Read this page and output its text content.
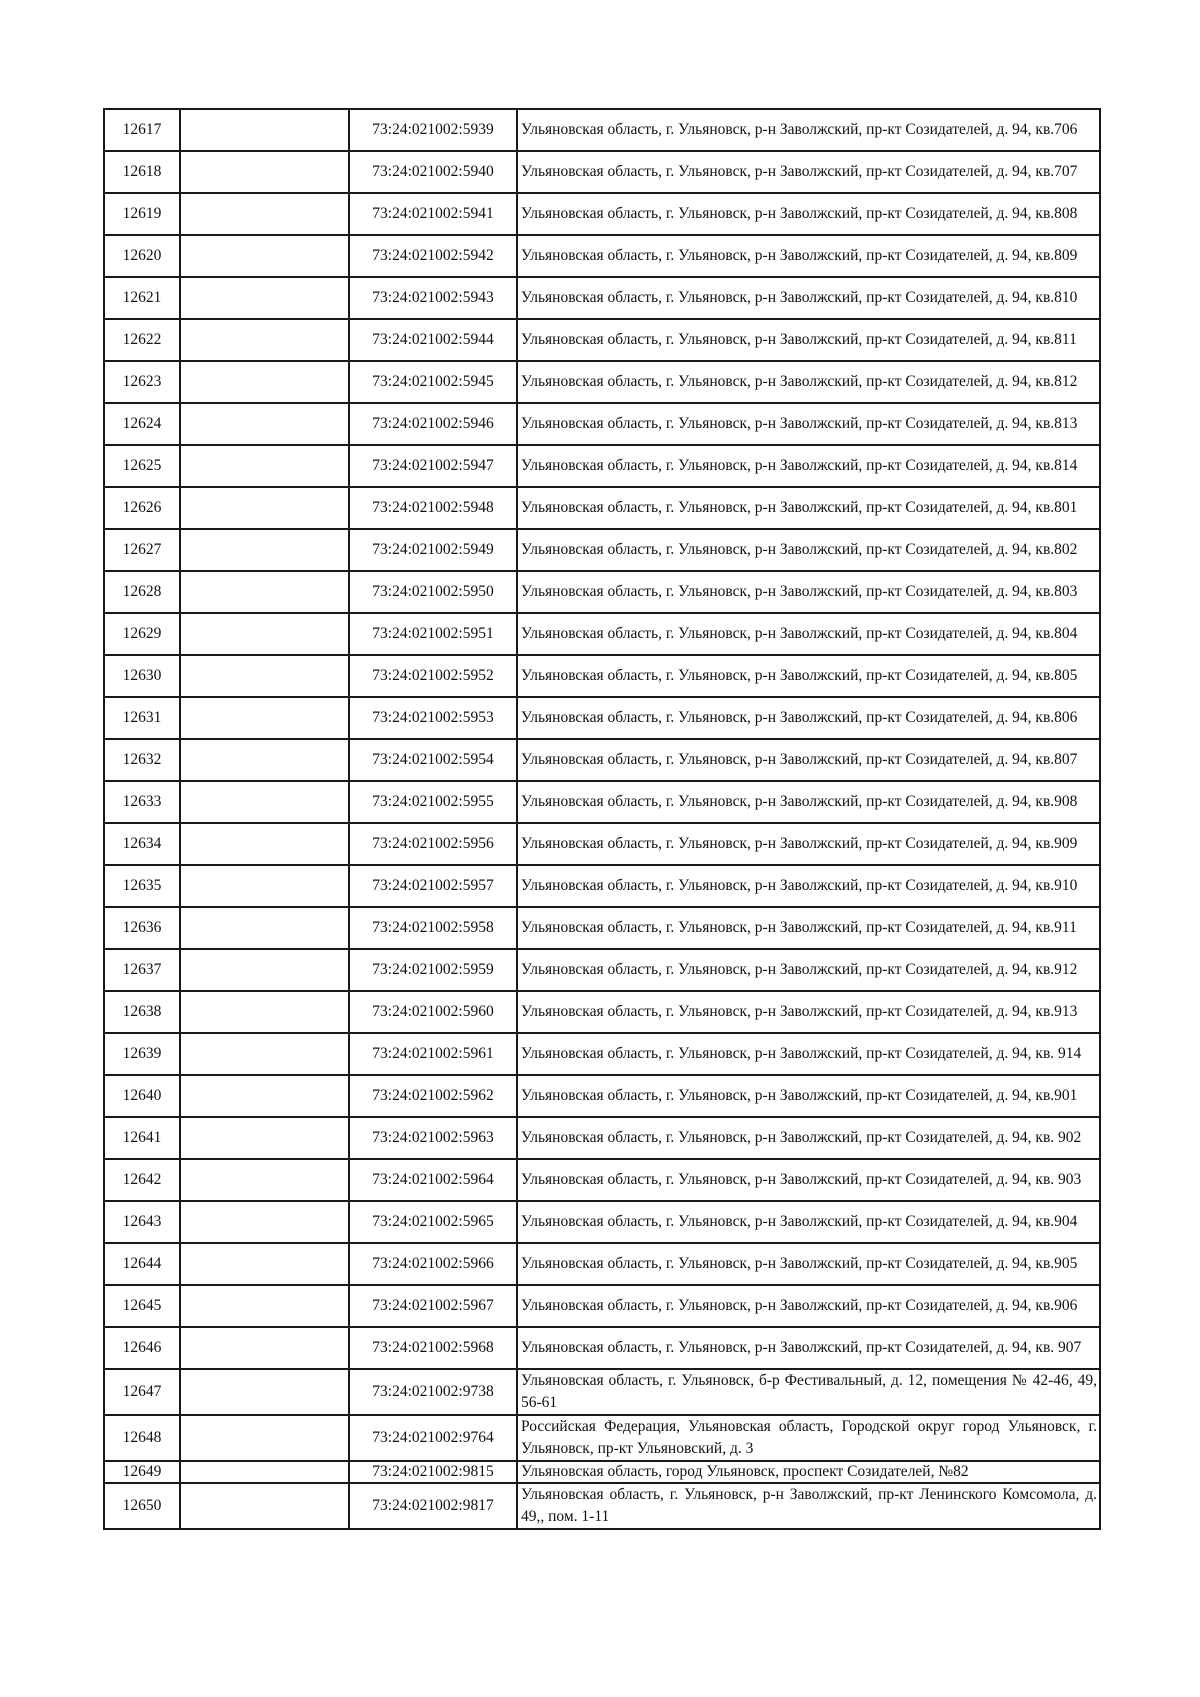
12617		73:24:021002:5939	Ульяновская область, г. Ульяновск, р-н Заволжский, пр-кт Созидателей, д. 94, кв.706
12618		73:24:021002:5940	Ульяновская область, г. Ульяновск, р-н Заволжский, пр-кт Созидателей, д. 94, кв.707
12619		73:24:021002:5941	Ульяновская область, г. Ульяновск, р-н Заволжский, пр-кт Созидателей, д. 94, кв.808
12620		73:24:021002:5942	Ульяновская область, г. Ульяновск, р-н Заволжский, пр-кт Созидателей, д. 94, кв.809
12621		73:24:021002:5943	Ульяновская область, г. Ульяновск, р-н Заволжский, пр-кт Созидателей, д. 94, кв.810
12622		73:24:021002:5944	Ульяновская область, г. Ульяновск, р-н Заволжский, пр-кт Созидателей, д. 94, кв.811
12623		73:24:021002:5945	Ульяновская область, г. Ульяновск, р-н Заволжский, пр-кт Созидателей, д. 94, кв.812
12624		73:24:021002:5946	Ульяновская область, г. Ульяновск, р-н Заволжский, пр-кт Созидателей, д. 94, кв.813
12625		73:24:021002:5947	Ульяновская область, г. Ульяновск, р-н Заволжский, пр-кт Созидателей, д. 94, кв.814
12626		73:24:021002:5948	Ульяновская область, г. Ульяновск, р-н Заволжский, пр-кт Созидателей, д. 94, кв.801
12627		73:24:021002:5949	Ульяновская область, г. Ульяновск, р-н Заволжский, пр-кт Созидателей, д. 94, кв.802
12628		73:24:021002:5950	Ульяновская область, г. Ульяновск, р-н Заволжский, пр-кт Созидателей, д. 94, кв.803
12629		73:24:021002:5951	Ульяновская область, г. Ульяновск, р-н Заволжский, пр-кт Созидателей, д. 94, кв.804
12630		73:24:021002:5952	Ульяновская область, г. Ульяновск, р-н Заволжский, пр-кт Созидателей, д. 94, кв.805
12631		73:24:021002:5953	Ульяновская область, г. Ульяновск, р-н Заволжский, пр-кт Созидателей, д. 94, кв.806
12632		73:24:021002:5954	Ульяновская область, г. Ульяновск, р-н Заволжский, пр-кт Созидателей, д. 94, кв.807
12633		73:24:021002:5955	Ульяновская область, г. Ульяновск, р-н Заволжский, пр-кт Созидателей, д. 94, кв.908
12634		73:24:021002:5956	Ульяновская область, г. Ульяновск, р-н Заволжский, пр-кт Созидателей, д. 94, кв.909
12635		73:24:021002:5957	Ульяновская область, г. Ульяновск, р-н Заволжский, пр-кт Созидателей, д. 94, кв.910
12636		73:24:021002:5958	Ульяновская область, г. Ульяновск, р-н Заволжский, пр-кт Созидателей, д. 94, кв.911
12637		73:24:021002:5959	Ульяновская область, г. Ульяновск, р-н Заволжский, пр-кт Созидателей, д. 94, кв.912
12638		73:24:021002:5960	Ульяновская область, г. Ульяновск, р-н Заволжский, пр-кт Созидателей, д. 94, кв.913
12639		73:24:021002:5961	Ульяновская область, г. Ульяновск, р-н Заволжский, пр-кт Созидателей, д. 94, кв. 914
12640		73:24:021002:5962	Ульяновская область, г. Ульяновск, р-н Заволжский, пр-кт Созидателей, д. 94, кв.901
12641		73:24:021002:5963	Ульяновская область, г. Ульяновск, р-н Заволжский, пр-кт Созидателей, д. 94, кв. 902
12642		73:24:021002:5964	Ульяновская область, г. Ульяновск, р-н Заволжский, пр-кт Созидателей, д. 94, кв. 903
12643		73:24:021002:5965	Ульяновская область, г. Ульяновск, р-н Заволжский, пр-кт Созидателей, д. 94, кв.904
12644		73:24:021002:5966	Ульяновская область, г. Ульяновск, р-н Заволжский, пр-кт Созидателей, д. 94, кв.905
12645		73:24:021002:5967	Ульяновская область, г. Ульяновск, р-н Заволжский, пр-кт Созидателей, д. 94, кв.906
12646		73:24:021002:5968	Ульяновская область, г. Ульяновск, р-н Заволжский, пр-кт Созидателей, д. 94, кв. 907
12647		73:24:021002:9738	Ульяновская область, г. Ульяновск, б-р Фестивальный, д. 12, помещения № 42-46, 49, 56-61
12648		73:24:021002:9764	Российская Федерация, Ульяновская область, Городской округ город Ульяновск, г. Ульяновск, пр-кт Ульяновский, д. 3
12649		73:24:021002:9815	Ульяновская область, город Ульяновск, проспект Созидателей, №82
12650		73:24:021002:9817	Ульяновская область, г. Ульяновск, р-н Заволжский, пр-кт Ленинского Комсомола, д. 49,, пом. 1-11
